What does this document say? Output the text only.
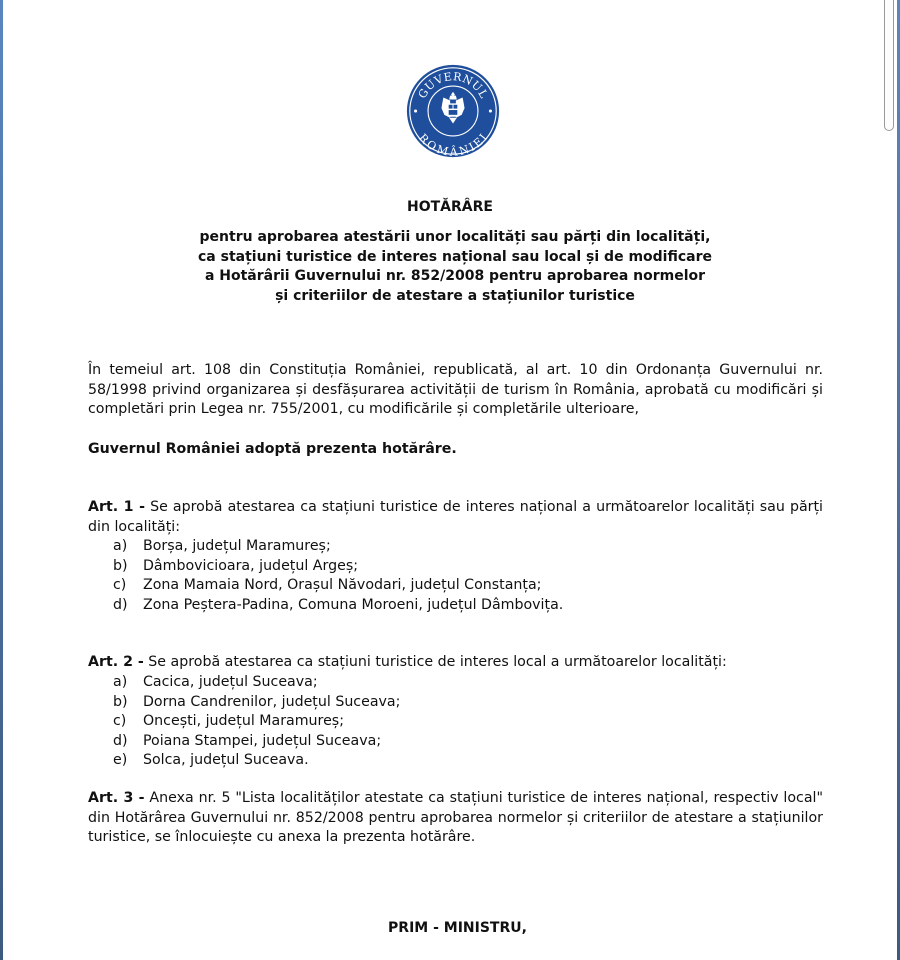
GUVERNUL
ROMÂNIEI
HOTĂRÂRE
pentru aprobarea atestării unor localități sau părți din localități,
ca stațiuni turistice de interes național sau local și de modificare
a Hotărârii Guvernului nr. 852/2008 pentru aprobarea normelor
și criteriilor de atestare a stațiunilor turistice
În temeiul art. 108 din Constituția României, republicată, al art. 10 din Ordonanța Guvernului nr. 58/1998 privind organizarea și desfășurarea activității de turism în România, aprobată cu modificări și completări prin Legea nr. 755/2001, cu modificările și completările ulterioare,
Guvernul României adoptă prezenta hotărâre.
Art. 1 - Se aprobă atestarea ca stațiuni turistice de interes național a următoarelor localități sau părți din localități:
a) Borșa, județul Maramureș;
b) Dâmbovicioara, județul Argeș;
c) Zona Mamaia Nord, Orașul Năvodari, județul Constanța;
d) Zona Peștera-Padina, Comuna Moroeni, județul Dâmbovița.
Art. 2 - Se aprobă atestarea ca stațiuni turistice de interes local a următoarelor localități:
a) Cacica, județul Suceava;
b) Dorna Candrenilor, județul Suceava;
c) Oncești, județul Maramureș;
d) Poiana Stampei, județul Suceava;
e) Solca, județul Suceava.
Art. 3 - Anexa nr. 5 "Lista localităților atestate ca stațiuni turistice de interes național, respectiv local" din Hotărârea Guvernului nr. 852/2008 pentru aprobarea normelor și criteriilor de atestare a stațiunilor turistice, se înlocuiește cu anexa la prezenta hotărâre.
PRIM - MINISTRU,
